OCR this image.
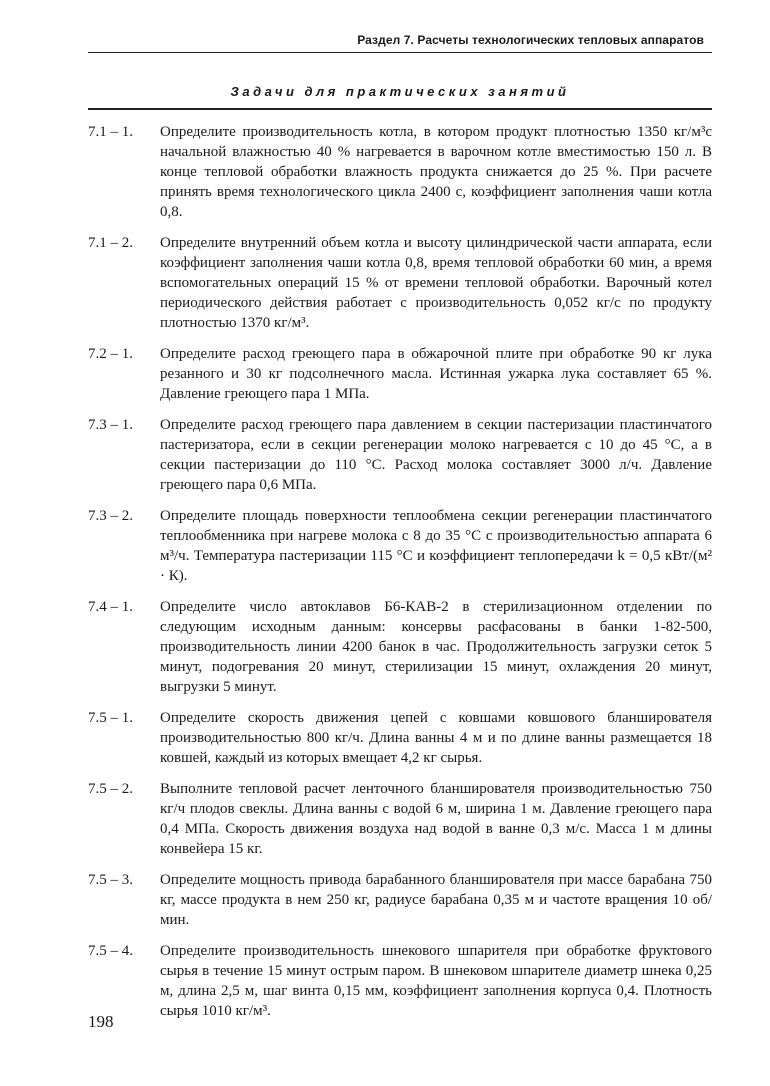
Раздел 7. Расчеты технологических тепловых аппаратов
Задачи для практических занятий
7.1 – 1.	Определите производительность котла, в котором продукт плотностью 1350 кг/м³с начальной влажностью 40 % нагревается в варочном котле вместимостью 150 л. В конце тепловой обработки влажность продукта снижается до 25 %. При расчете принять время технологического цикла 2400 с, коэффициент заполнения чаши котла 0,8.
7.1 – 2.	Определите внутренний объем котла и высоту цилиндрической части аппарата, если коэффициент заполнения чаши котла 0,8, время тепловой обработки 60 мин, а время вспомогательных операций 15 % от времени тепловой обработки. Варочный котел периодического действия работает с производительность 0,052 кг/с по продукту плотностью 1370 кг/м³.
7.2 – 1.	Определите расход греющего пара в обжарочной плите при обработке 90 кг лука резанного и 30 кг подсолнечного масла. Истинная ужарка лука составляет 65 %. Давление греющего пара 1 МПа.
7.3 – 1.	Определите расход греющего пара давлением в секции пастеризации пластинчатого пастеризатора, если в секции регенерации молоко нагревается с 10 до 45 °С, а в секции пастеризации до 110 °С. Расход молока составляет 3000 л/ч. Давление греющего пара 0,6 МПа.
7.3 – 2.	Определите площадь поверхности теплообмена секции регенерации пластинчатого теплообменника при нагреве молока с 8 до 35 °С с производительностью аппарата 6 м³/ч. Температура пастеризации 115 °С и коэффициент теплопередачи k = 0,5 кВт/(м² · К).
7.4 – 1.	Определите число автоклавов Б6-КАВ-2 в стерилизационном отделении по следующим исходным данным: консервы расфасованы в банки 1-82-500, производительность линии 4200 банок в час. Продолжительность загрузки сеток 5 минут, подогревания 20 минут, стерилизации 15 минут, охлаждения 20 минут, выгрузки 5 минут.
7.5 – 1.	Определите скорость движения цепей с ковшами ковшового бланширователя производительностью 800 кг/ч. Длина ванны 4 м и по длине ванны размещается 18 ковшей, каждый из которых вмещает 4,2 кг сырья.
7.5 – 2.	Выполните тепловой расчет ленточного бланширователя производительностью 750 кг/ч плодов свеклы. Длина ванны с водой 6 м, ширина 1 м. Давление греющего пара 0,4 МПа. Скорость движения воздуха над водой в ванне 0,3 м/с. Масса 1 м длины конвейера 15 кг.
7.5 – 3.	Определите мощность привода барабанного бланширователя при массе барабана 750 кг, массе продукта в нем 250 кг, радиусе барабана 0,35 м и частоте вращения 10 об/мин.
7.5 – 4.	Определите производительность шнекового шпарителя при обработке фруктового сырья в течение 15 минут острым паром. В шнековом шпарителе диаметр шнека 0,25 м, длина 2,5 м, шаг винта 0,15 мм, коэффициент заполнения корпуса 0,4. Плотность сырья 1010 кг/м³.
198
